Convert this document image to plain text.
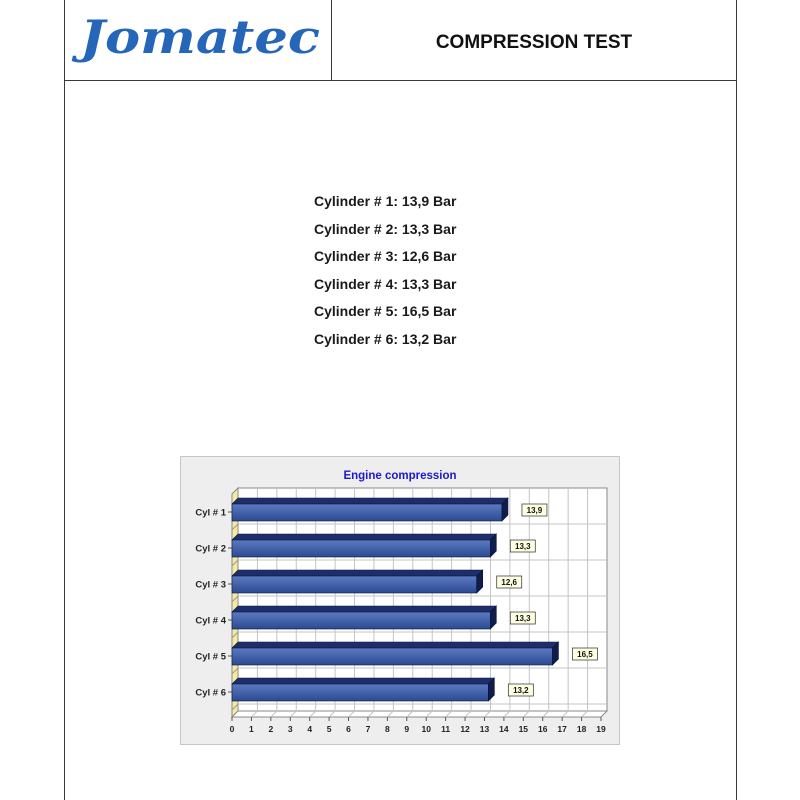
Jomatec	COMPRESSION TEST
Cylinder # 1: 13,9 Bar
Cylinder # 2: 13,3 Bar
Cylinder # 3: 12,6 Bar
Cylinder # 4: 13,3 Bar
Cylinder # 5: 16,5 Bar
Cylinder # 6: 13,2 Bar
0 1 2 3 4 5 6 7 8 9 10 11 12 13 14 15 16 17 18 19
Cyl # 1	13,9
Cyl # 2	13,3
Cyl # 3	12,6
Cyl # 4	13,3
Cyl # 5	16,5
Cyl # 6	13,2
Engine compression
